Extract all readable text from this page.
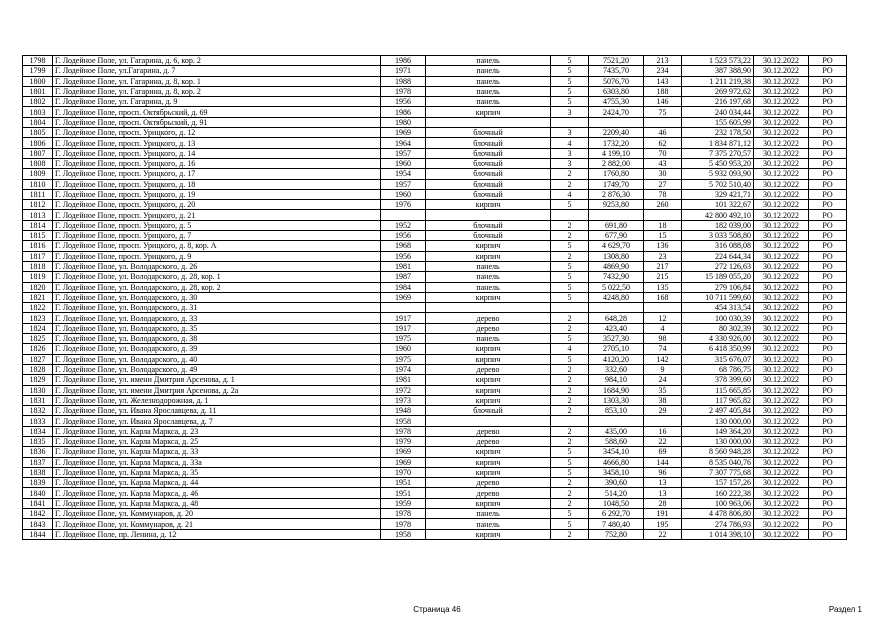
1798	Г. Лодейное Поле, ул. Гагарина, д. 6, кор. 2	1986	панель	5	7521,20	213	1 523 573,22	30.12.2022	РО
1799	Г. Лодейное Поле, ул.Гагарина, д. 7	1971	панель	5	7435,70	234	387 388,90	30.12.2022	РО
1800	Г. Лодейное Поле, ул. Гагарина, д. 8, кор. 1	1988	панель	5	5076,70	143	1 211 219,38	30.12.2022	РО
1801	Г. Лодейное Поле, ул. Гагарина, д. 8, кор. 2	1978	панель	5	6303,80	188	269 972,62	30.12.2022	РО
1802	Г. Лодейное Поле, ул. Гагарина, д. 9	1956	панель	5	4755,30	146	216 197,68	30.12.2022	РО
1803	Г. Лодейное Поле, просп. Октябрьский, д. 69	1986	кирпич	3	2424,70	75	240 034,44	30.12.2022	РО
1804	Г. Лодейное Поле, просп. Октябрьский, д. 91	1980					155 605,99	30.12.2022	РО
1805	Г. Лодейное Поле, просп. Урицкого, д. 12	1969	блочный	3	2209,40	46	232 178,50	30.12.2022	РО
1806	Г. Лодейное Поле, просп. Урицкого, д. 13	1964	блочный	4	1732,20	62	1 834 871,12	30.12.2022	РО
1807	Г. Лодейное Поле, просп. Урицкого, д. 14	1957	блочный	3	4 199,10	70	7 375 270,57	30.12.2022	РО
1808	Г. Лодейное Поле, просп. Урицкого, д. 16	1960	блочный	3	2 882,00	43	5 450 953,20	30.12.2022	РО
1809	Г. Лодейное Поле, просп. Урицкого, д. 17	1954	блочный	2	1760,80	30	5 932 093,90	30.12.2022	РО
1810	Г. Лодейное Поле, просп. Урицкого, д. 18	1957	блочный	2	1749,70	27	5 702 510,40	30.12.2022	РО
1811	Г. Лодейное Поле, просп. Урицкого, д. 19	1960	блочный	4	2 876,30	78	329 421,71	30.12.2022	РО
1812	Г. Лодейное Поле, просп. Урицкого, д. 20	1976	кирпич	5	9253,80	260	101 322,67	30.12.2022	РО
1813	Г. Лодейное Поле, просп. Урицкого, д. 21						42 800 492,10	30.12.2022	РО
1814	Г. Лодейное Поле, просп. Урицкого, д. 5	1952	блочный	2	691,80	18	182 039,00	30.12.2022	РО
1815	Г. Лодейное Поле, просп. Урицкого, д. 7	1956	блочный	2	677,90	15	3 033 508,80	30.12.2022	РО
1816	Г. Лодейное Поле, просп. Урицкого, д. 8, кор. А	1968	кирпич	5	4 629,70	136	316 088,08	30.12.2022	РО
1817	Г. Лодейное Поле, просп. Урицкого, д. 9	1956	кирпич	2	1308,80	23	224 644,34	30.12.2022	РО
1818	Г. Лодейное Поле, ул. Володарского, д. 26	1981	панель	5	4869,90	217	272 126,63	30.12.2022	РО
1819	Г. Лодейное Поле, ул. Володарского, д. 28, кор. 1	1987	панель	5	7432,90	215	15 189 055,20	30.12.2022	РО
1820	Г. Лодейное Поле, ул. Володарского, д. 28, кор. 2	1984	панель	5	5 022,50	135	279 106,84	30.12.2022	РО
1821	Г. Лодейное Поле, ул. Володарского, д. 30	1969	кирпич	5	4248,80	168	10 711 599,60	30.12.2022	РО
1822	Г. Лодейное Поле, ул. Володарского, д. 31						454 313,54	30.12.2022	РО
1823	Г. Лодейное Поле, ул. Володарского, д. 33	1917	дерево	2	648,28	12	100 030,39	30.12.2022	РО
1824	Г. Лодейное Поле, ул. Володарского, д. 35	1917	дерево	2	423,40	4	80 302,39	30.12.2022	РО
1825	Г. Лодейное Поле, ул. Володарского, д. 38	1975	панель	5	3527,30	98	4 330 926,00	30.12.2022	РО
1826	Г. Лодейное Поле, ул. Володарского, д. 39	1960	кирпич	4	2705,10	74	6 418 350,99	30.12.2022	РО
1827	Г. Лодейное Поле, ул. Володарского, д. 40	1975	кирпич	5	4120,20	142	315 676,07	30.12.2022	РО
1828	Г. Лодейное Поле, ул. Володарского, д. 49	1974	дерево	2	332,60	9	68 786,75	30.12.2022	РО
1829	Г. Лодейное Поле, ул. имени Дмитрия Арсенова, д. 1	1981	кирпич	2	984,10	24	378 399,60	30.12.2022	РО
1830	Г. Лодейное Поле, ул. имени Дмитрия Арсенова, д. 2а	1972	кирпич	2	1684,90	35	115 665,85	30.12.2022	РО
1831	Г. Лодейное Поле, ул. Железнодорожная, д. 1	1973	кирпич	2	1303,30	38	117 965,82	30.12.2022	РО
1832	Г. Лодейное Поле, ул. Ивана Ярославцева, д. 11	1948	блочный	2	853,10	29	2 497 405,84	30.12.2022	РО
1833	Г. Лодейное Поле, ул. Ивана Ярославцева, д. 7	1958					130 000,00	30.12.2022	РО
1834	Г. Лодейное Поле, ул. Карла Маркса, д. 23	1978	дерево	2	435,00	16	149 364,20	30.12.2022	РО
1835	Г. Лодейное Поле, ул. Карла Маркса, д. 25	1979	дерево	2	588,60	22	130 000,00	30.12.2022	РО
1836	Г. Лодейное Поле, ул. Карла Маркса, д. 33	1969	кирпич	5	3454,10	69	8 560 948,28	30.12.2022	РО
1837	Г. Лодейное Поле, ул. Карла Маркса, д. 33а	1969	кирпич	5	4666,80	144	8 535 040,76	30.12.2022	РО
1838	Г. Лодейное Поле, ул. Карла Маркса, д. 35	1970	кирпич	5	3458,10	96	7 307 775,68	30.12.2022	РО
1839	Г. Лодейное Поле, ул. Карла Маркса, д. 44	1951	дерево	2	390,60	13	157 157,26	30.12.2022	РО
1840	Г. Лодейное Поле, ул. Карла Маркса, д. 46	1951	дерево	2	514,20	13	160 222,38	30.12.2022	РО
1841	Г. Лодейное Поле, ул. Карла Маркса, д. 48	1959	кирпич	2	1048,50	28	100 963,06	30.12.2022	РО
1842	Г. Лодейное Поле, ул. Коммунаров, д. 20	1978	панель	5	6 292,70	191	4 478 806,80	30.12.2022	РО
1843	Г. Лодейное Поле, ул. Коммунаров, д. 21	1978	панель	5	7 480,40	195	274 786,93	30.12.2022	РО
1844	Г. Лодейное Поле, пр. Ленина, д. 12	1958	кирпич	2	752,80	22	1 014 398,10	30.12.2022	РО
Страница 46	Раздел 1
